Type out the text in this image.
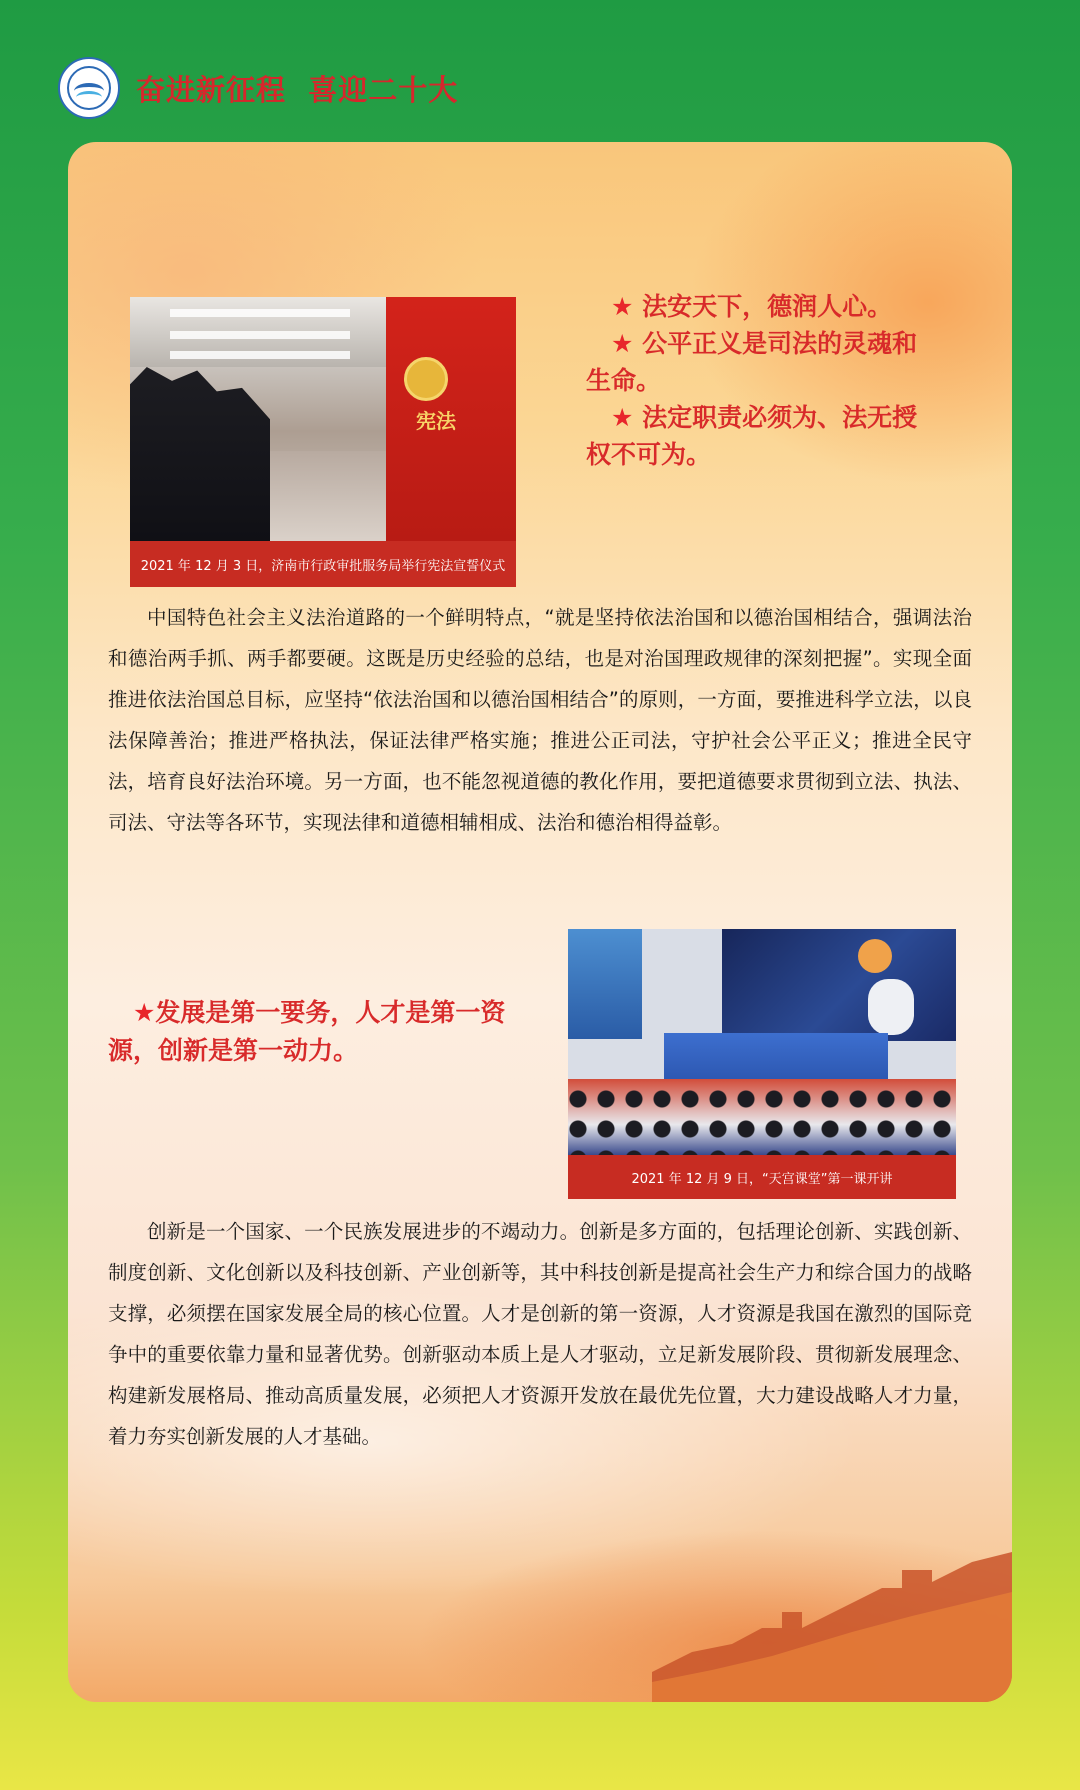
奋进新征程  喜迎二十大
宪法
2021 年 12 月 3 日，济南市行政审批服务局举行宪法宣誓仪式

★ 法安天下，德润人心。

★ 公平正义是司法的灵魂和生命。

★ 法定职责必须为、法无授权不可为。

中国特色社会主义法治道路的一个鲜明特点，“就是坚持依法治国和以德治国相结合，强调法治和德治两手抓、两手都要硬。这既是历史经验的总结，也是对治国理政规律的深刻把握”。实现全面推进依法治国总目标，应坚持“依法治国和以德治国相结合”的原则，一方面，要推进科学立法，以良法保障善治；推进严格执法，保证法律严格实施；推进公正司法，守护社会公平正义；推进全民守法，培育良好法治环境。另一方面，也不能忽视道德的教化作用，要把道德要求贯彻到立法、执法、司法、守法等各环节，实现法律和道德相辅相成、法治和德治相得益彰。

★发展是第一要务，人才是第一资源，创新是第一动力。

2021 年 12 月 9 日，“天宫课堂”第一课开讲

创新是一个国家、一个民族发展进步的不竭动力。创新是多方面的，包括理论创新、实践创新、制度创新、文化创新以及科技创新、产业创新等，其中科技创新是提高社会生产力和综合国力的战略支撑，必须摆在国家发展全局的核心位置。人才是创新的第一资源，人才资源是我国在激烈的国际竞争中的重要依靠力量和显著优势。创新驱动本质上是人才驱动，立足新发展阶段、贯彻新发展理念、构建新发展格局、推动高质量发展，必须把人才资源开发放在最优先位置，大力建设战略人才力量，着力夯实创新发展的人才基础。
